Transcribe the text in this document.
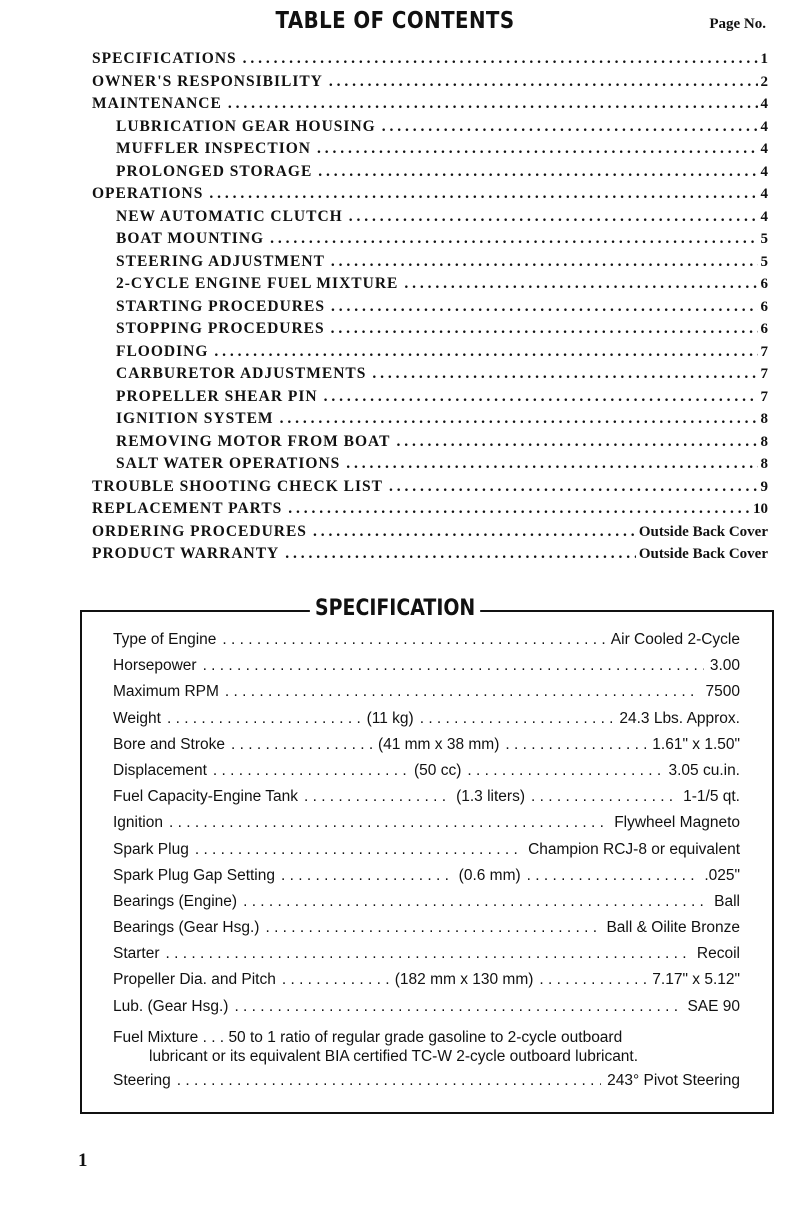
TABLE OF CONTENTS	Page No.
SPECIFICATIONS . . .	1
OWNER'S RESPONSIBILITY . . .	2
MAINTENANCE . . .	4
LUBRICATION GEAR HOUSING . . .	4
MUFFLER INSPECTION . . .	4
PROLONGED STORAGE . . .	4
OPERATIONS . . .	4
NEW AUTOMATIC CLUTCH . . .	4
BOAT MOUNTING . . .	5
STEERING ADJUSTMENT . . .	5
2-CYCLE ENGINE FUEL MIXTURE . . .	6
STARTING PROCEDURES . . .	6
STOPPING PROCEDURES . . .	6
FLOODING . . .	7
CARBURETOR ADJUSTMENTS . . .	7
PROPELLER SHEAR PIN . . .	7
IGNITION SYSTEM . . .	8
REMOVING MOTOR FROM BOAT . . .	8
SALT WATER OPERATIONS . . .	8
TROUBLE SHOOTING CHECK LIST . . .	9
REPLACEMENT PARTS . . .	10
ORDERING PROCEDURES . . .	Outside Back Cover
PRODUCT WARRANTY . . .	Outside Back Cover
SPECIFICATION
Type of Engine . . .	Air Cooled 2-Cycle
Horsepower . . .	3.00
Maximum RPM . . .	7500
Weight . . .	(11 kg) . . .	24.3 Lbs. Approx.
Bore and Stroke . . .	(41 mm x 38 mm) . . .	1.61" x 1.50"
Displacement . . .	(50 cc) . . .	3.05 cu.in.
Fuel Capacity-Engine Tank . . .	(1.3 liters) . . .	1-1/5 qt.
Ignition . . .	Flywheel Magneto
Spark Plug . . .	Champion RCJ-8 or equivalent
Spark Plug Gap Setting . . .	(0.6 mm) . . .	.025"
Bearings (Engine) . . .	Ball
Bearings (Gear Hsg.) . . .	Ball & Oilite Bronze
Starter . . .	Recoil
Propeller Dia. and Pitch . . .	(182 mm x 130 mm) . . .	7.17" x 5.12"
Lub. (Gear Hsg.) . . .	SAE 90
Fuel Mixture . . . 50 to 1 ratio of regular grade gasoline to 2-cycle outboard
lubricant or its equivalent BIA certified TC-W 2-cycle outboard lubricant.
Steering . . .	243° Pivot Steering
1
